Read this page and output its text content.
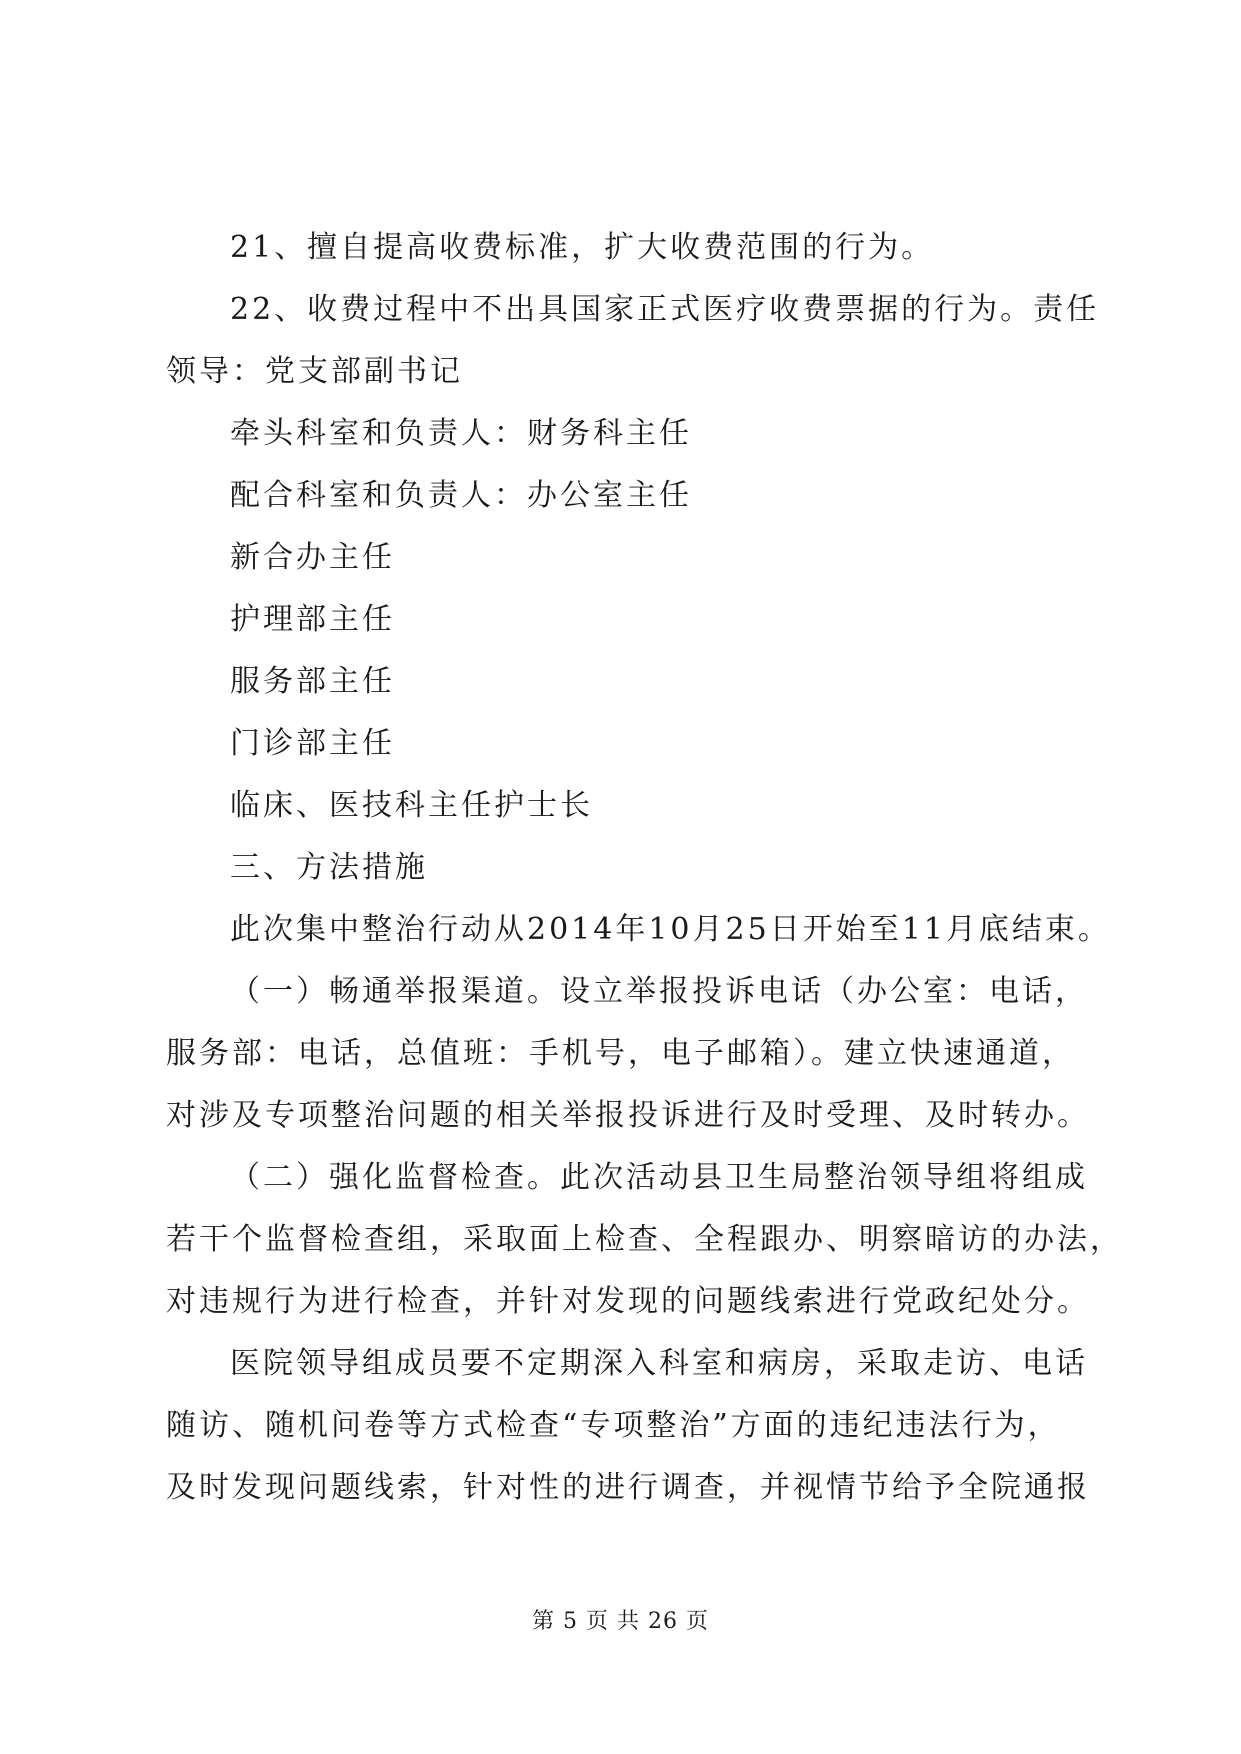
21、擅自提高收费标准，扩大收费范围的行为。
22、收费过程中不出具国家正式医疗收费票据的行为。责任
领导：党支部副书记
牵头科室和负责人：财务科主任
配合科室和负责人：办公室主任
新合办主任
护理部主任
服务部主任
门诊部主任
临床、医技科主任护士长
三、方法措施
此次集中整治行动从2014年10月25日开始至11月底结束。
（一）畅通举报渠道。设立举报投诉电话（办公室：电话，
服务部：电话，总值班：手机号，电子邮箱）。建立快速通道，
对涉及专项整治问题的相关举报投诉进行及时受理、及时转办。
（二）强化监督检查。此次活动县卫生局整治领导组将组成
若干个监督检查组，采取面上检查、全程跟办、明察暗访的办法，
对违规行为进行检查，并针对发现的问题线索进行党政纪处分。
医院领导组成员要不定期深入科室和病房，采取走访、电话
随访、随机问卷等方式检查“专项整治”方面的违纪违法行为，
及时发现问题线索，针对性的进行调查，并视情节给予全院通报
第 5 页 共 26 页
